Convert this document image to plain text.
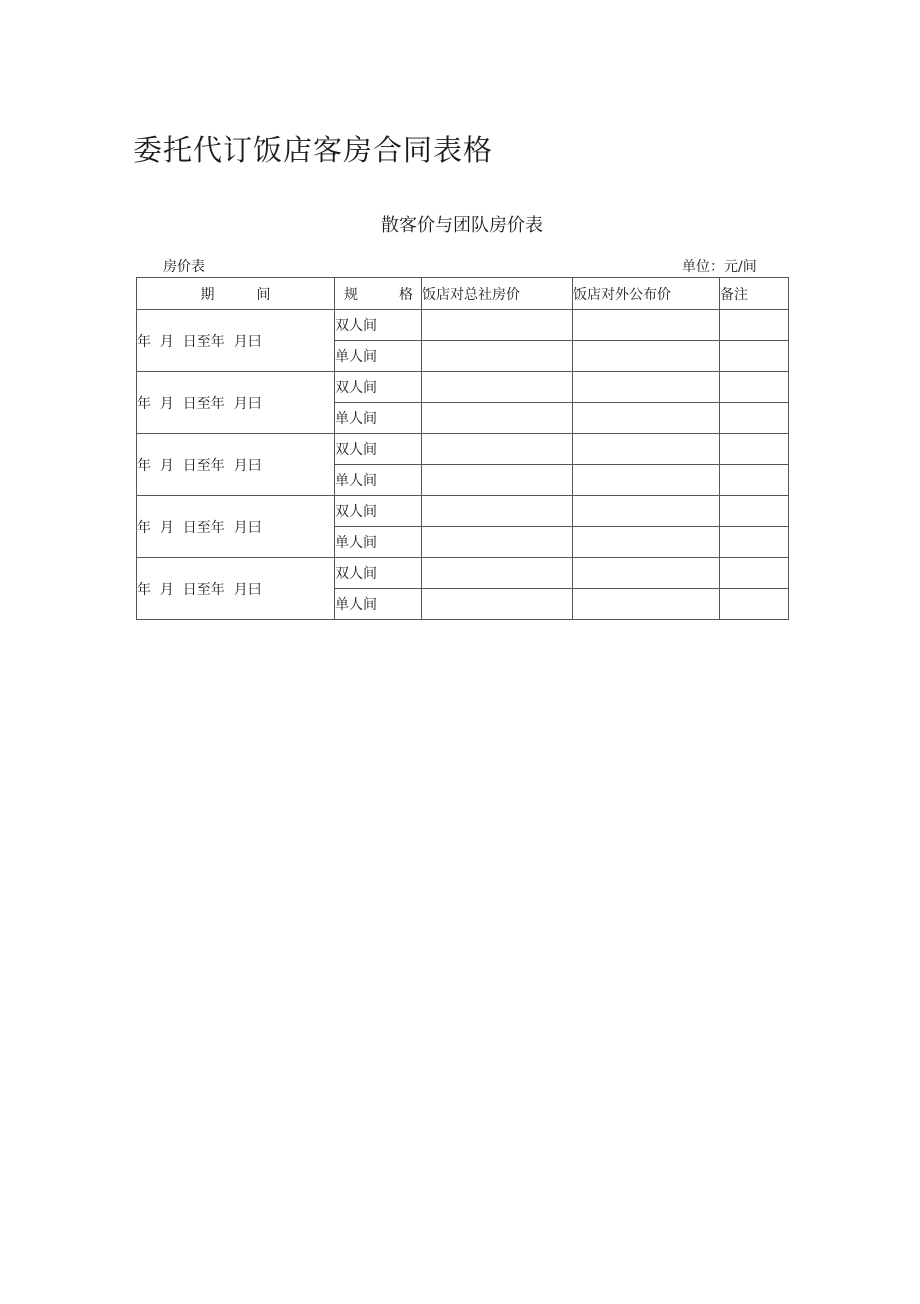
委托代订饭店客房合同表格
散客价与团队房价表
房价表	单位：元/间
期 间	规 格	饭店对总社房价	饭店对外公布价	备注
年  月  日至年  月曰	双人间			
	单人间			
年  月  日至年  月曰	双人间			
	单人间			
年  月  日至年  月曰	双人间			
	单人间			
年  月  日至年  月曰	双人间			
	单人间			
年  月  日至年  月曰	双人间			
	单人间			
